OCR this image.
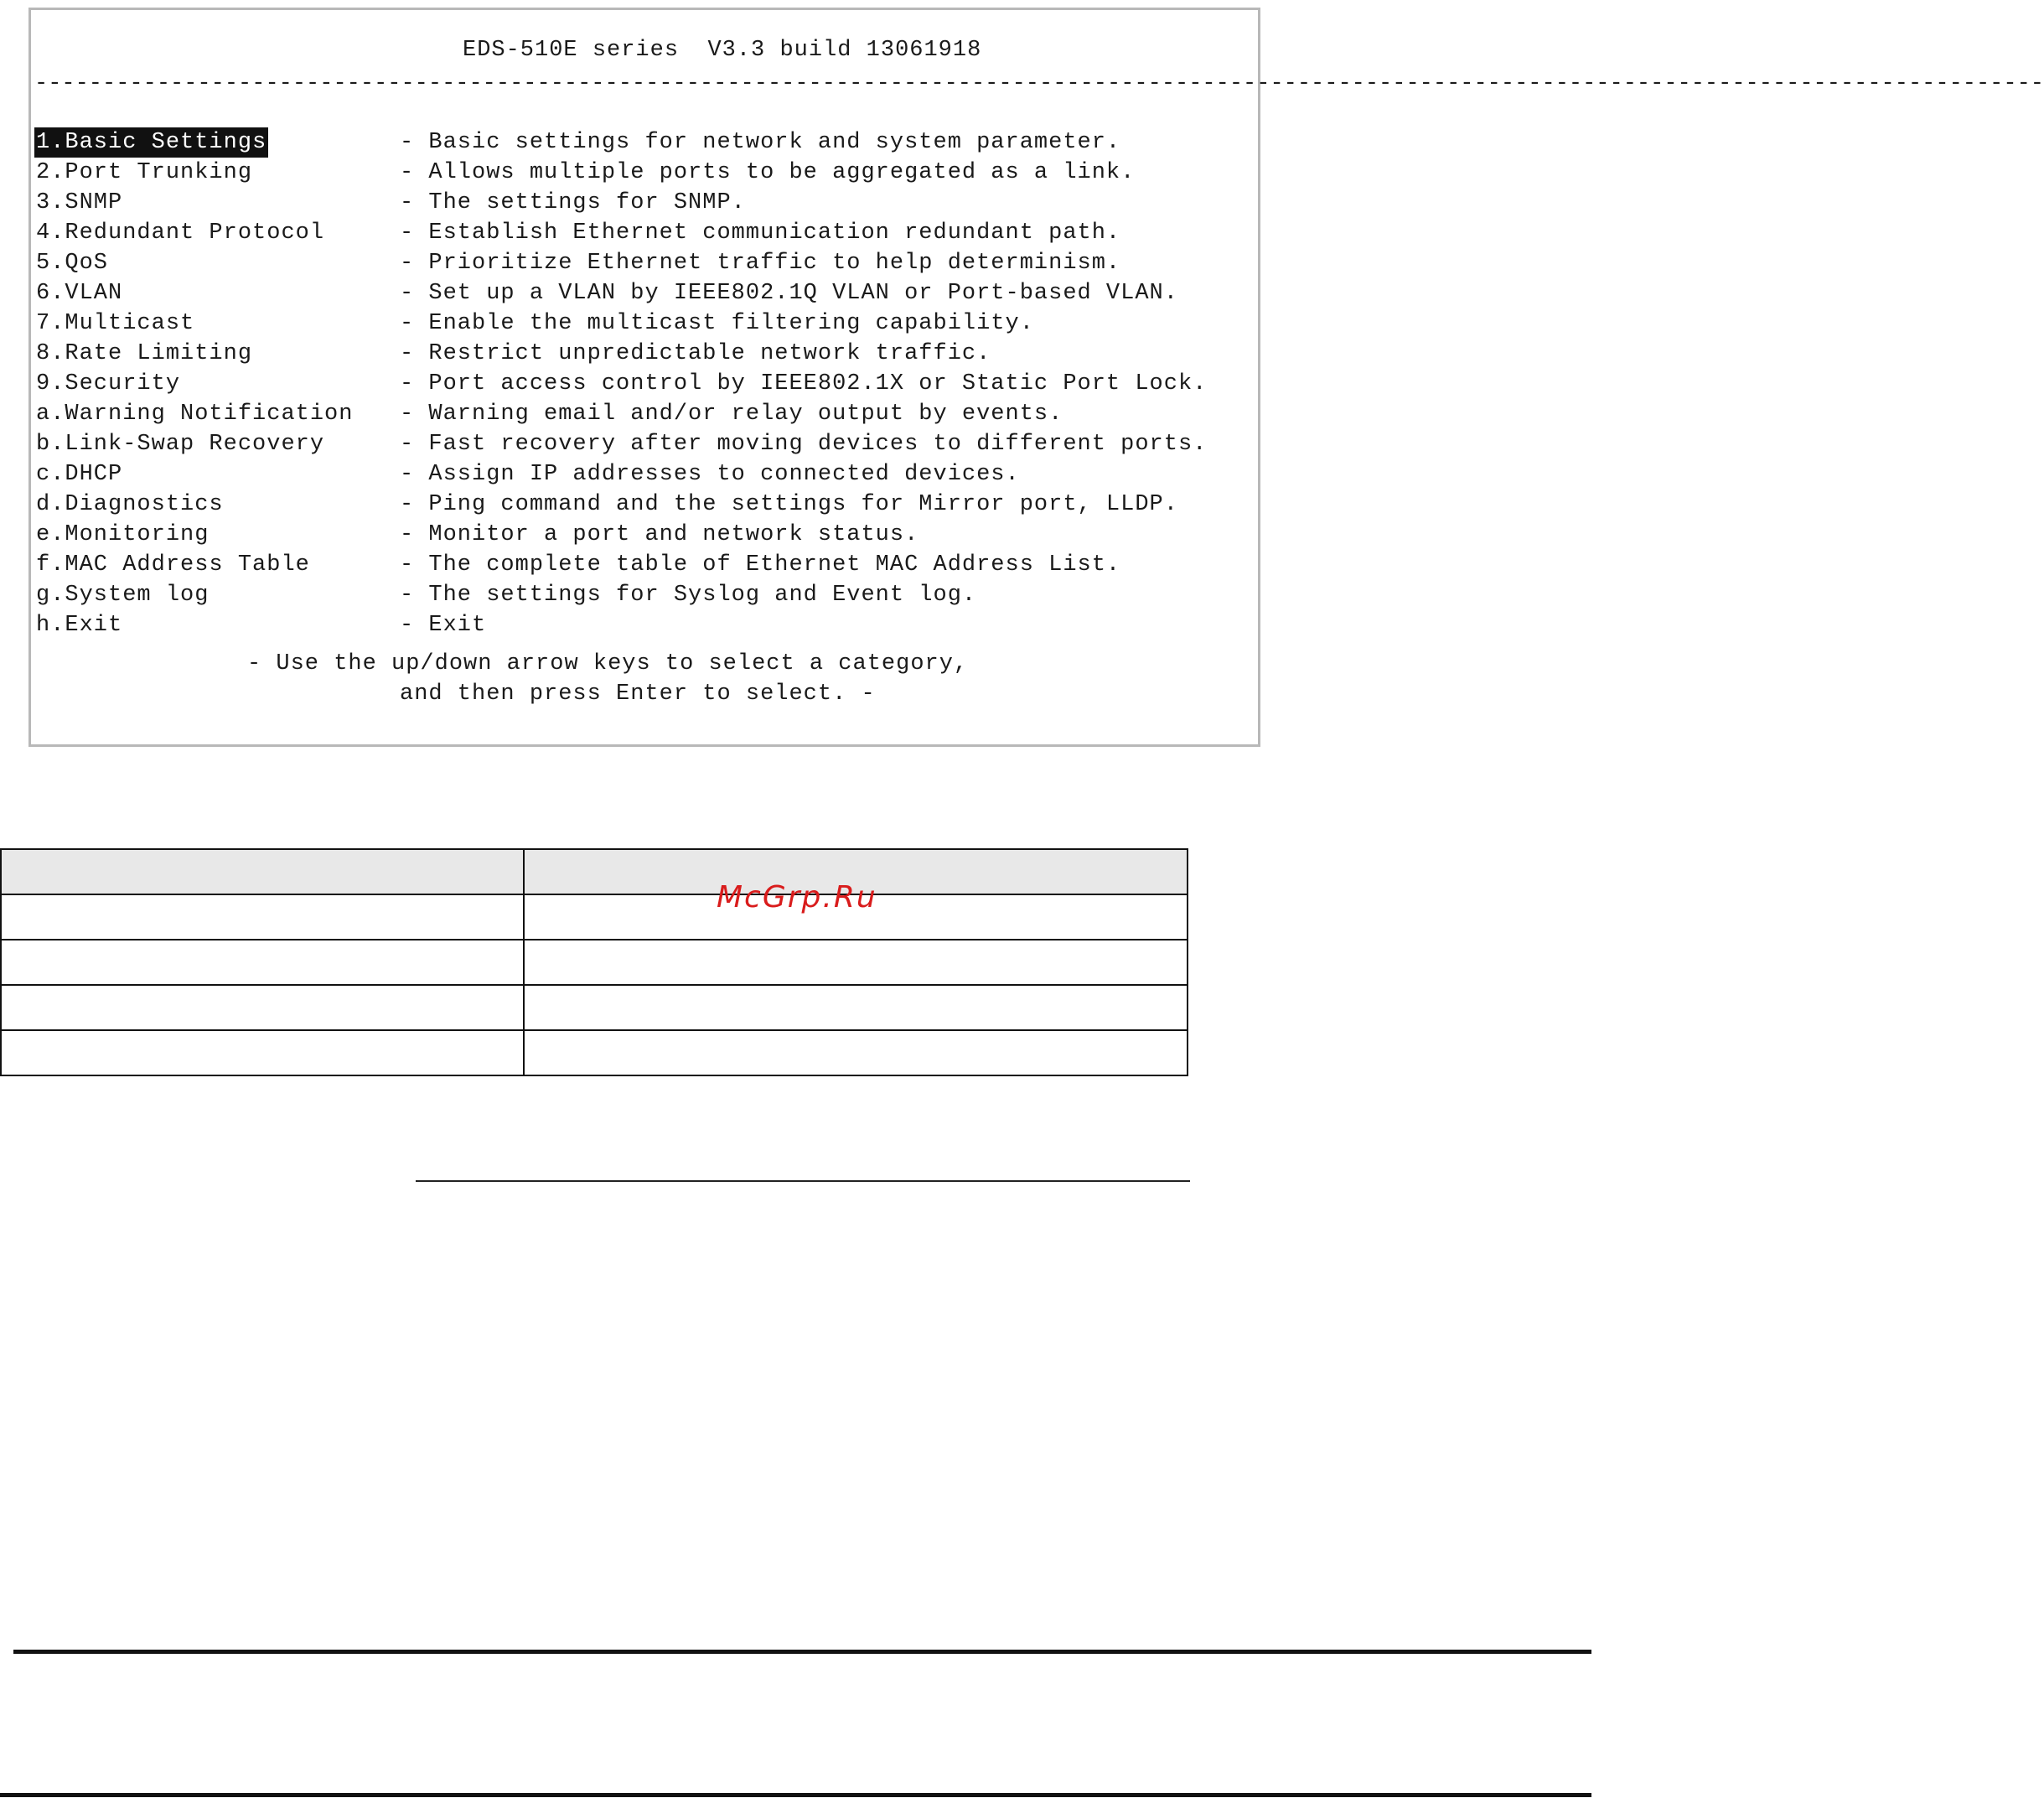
EDS-510E series  V3.3 build 13061918
----------------------------------------------------------------------------------------------------------------------------------------------------

1.Basic Settings

	- Basic settings for network and system parameter.

2.Port Trunking

	- Allows multiple ports to be aggregated as a link.

3.SNMP

	- The settings for SNMP.

4.Redundant Protocol

	- Establish Ethernet communication redundant path.

5.QoS

	- Prioritize Ethernet traffic to help determinism.

6.VLAN

	- Set up a VLAN by IEEE802.1Q VLAN or Port-based VLAN.

7.Multicast

	- Enable the multicast filtering capability.

8.Rate Limiting

	- Restrict unpredictable network traffic.

9.Security

	- Port access control by IEEE802.1X or Static Port Lock.

a.Warning Notification

- Warning email and/or relay output by events.

b.Link-Swap Recovery

	- Fast recovery after moving devices to different ports.

c.DHCP

	- Assign IP addresses to connected devices.

d.Diagnostics

	- Ping command and the settings for Mirror port, LLDP.

e.Monitoring

	- Monitor a port and network status.

f.MAC Address Table

	- The complete table of Ethernet MAC Address List.

g.System log

	- The settings for Syslog and Event log.

h.Exit

	- Exit

- Use the up/down arrow keys to select a category,
and then press Enter to select. -

McGrp.Ru
